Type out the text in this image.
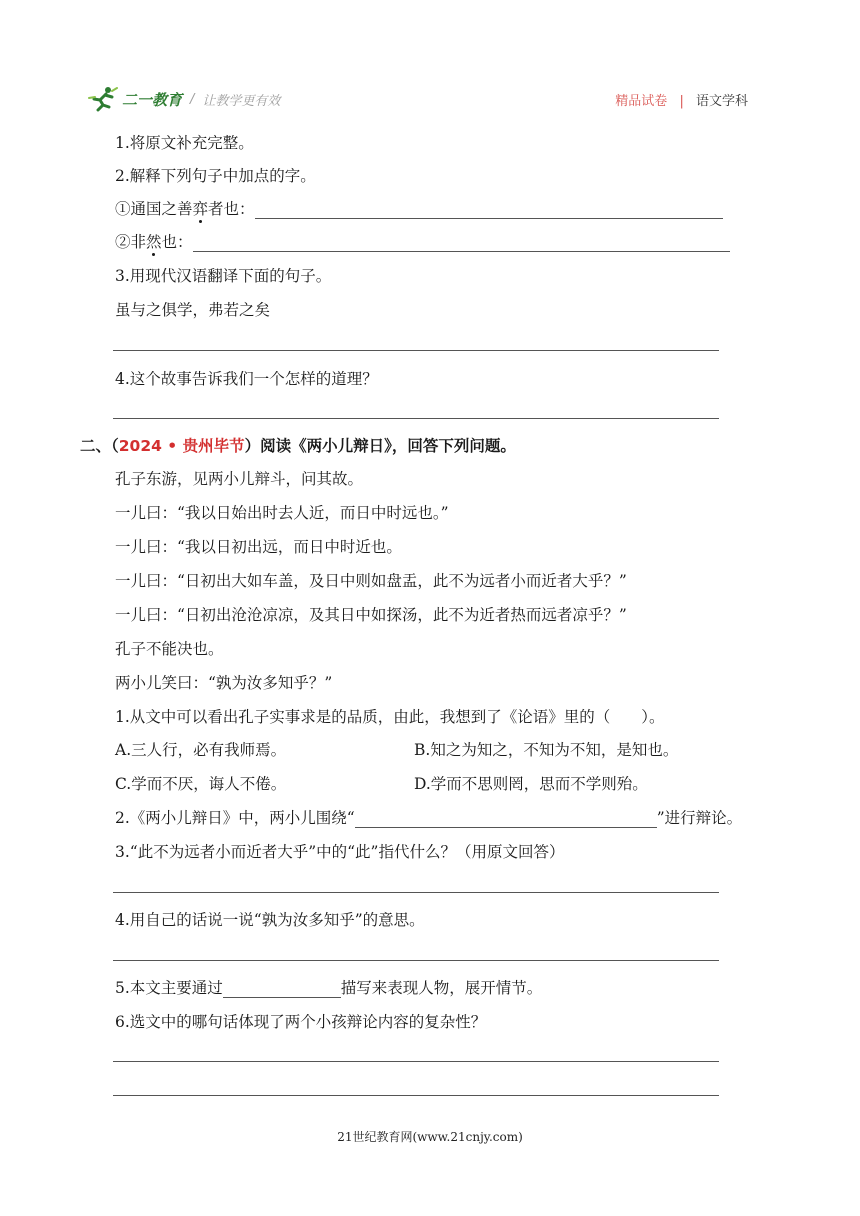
二一教育 / 让教学更有效	精品试卷 | 语文学科
1.将原文补充完整。
2.解释下列句子中加点的字。
①通国之善弈者也：
②非然也：
3.用现代汉语翻译下面的句子。
虽与之俱学，弗若之矣
4.这个故事告诉我们一个怎样的道理？
二、（2024 • 贵州毕节）阅读《两小儿辩日》，回答下列问题。
孔子东游，见两小儿辩斗，问其故。
一儿曰：“我以日始出时去人近，而日中时远也。”
一儿曰：“我以日初出远，而日中时近也。
一儿曰：“日初出大如车盖，及日中则如盘盂，此不为远者小而近者大乎？”
一儿曰：“日初出沧沧凉凉，及其日中如探汤，此不为近者热而远者凉乎？”
孔子不能决也。
两小儿笑曰：“孰为汝多知乎？”
1.从文中可以看出孔子实事求是的品质，由此，我想到了《论语》里的（　　）。
A.三人行，必有我师焉。	B.知之为知之，不知为不知，是知也。
C.学而不厌，诲人不倦。	D.学而不思则罔，思而不学则殆。
2.《两小儿辩日》中，两小儿围绕“	”进行辩论。
3.“此不为远者小而近者大乎”中的“此”指代什么？（用原文回答）
4.用自己的话说一说“孰为汝多知乎”的意思。
5.本文主要通过	描写来表现人物，展开情节。
6.选文中的哪句话体现了两个小孩辩论内容的复杂性？
21世纪教育网(www.21cnjy.com)
